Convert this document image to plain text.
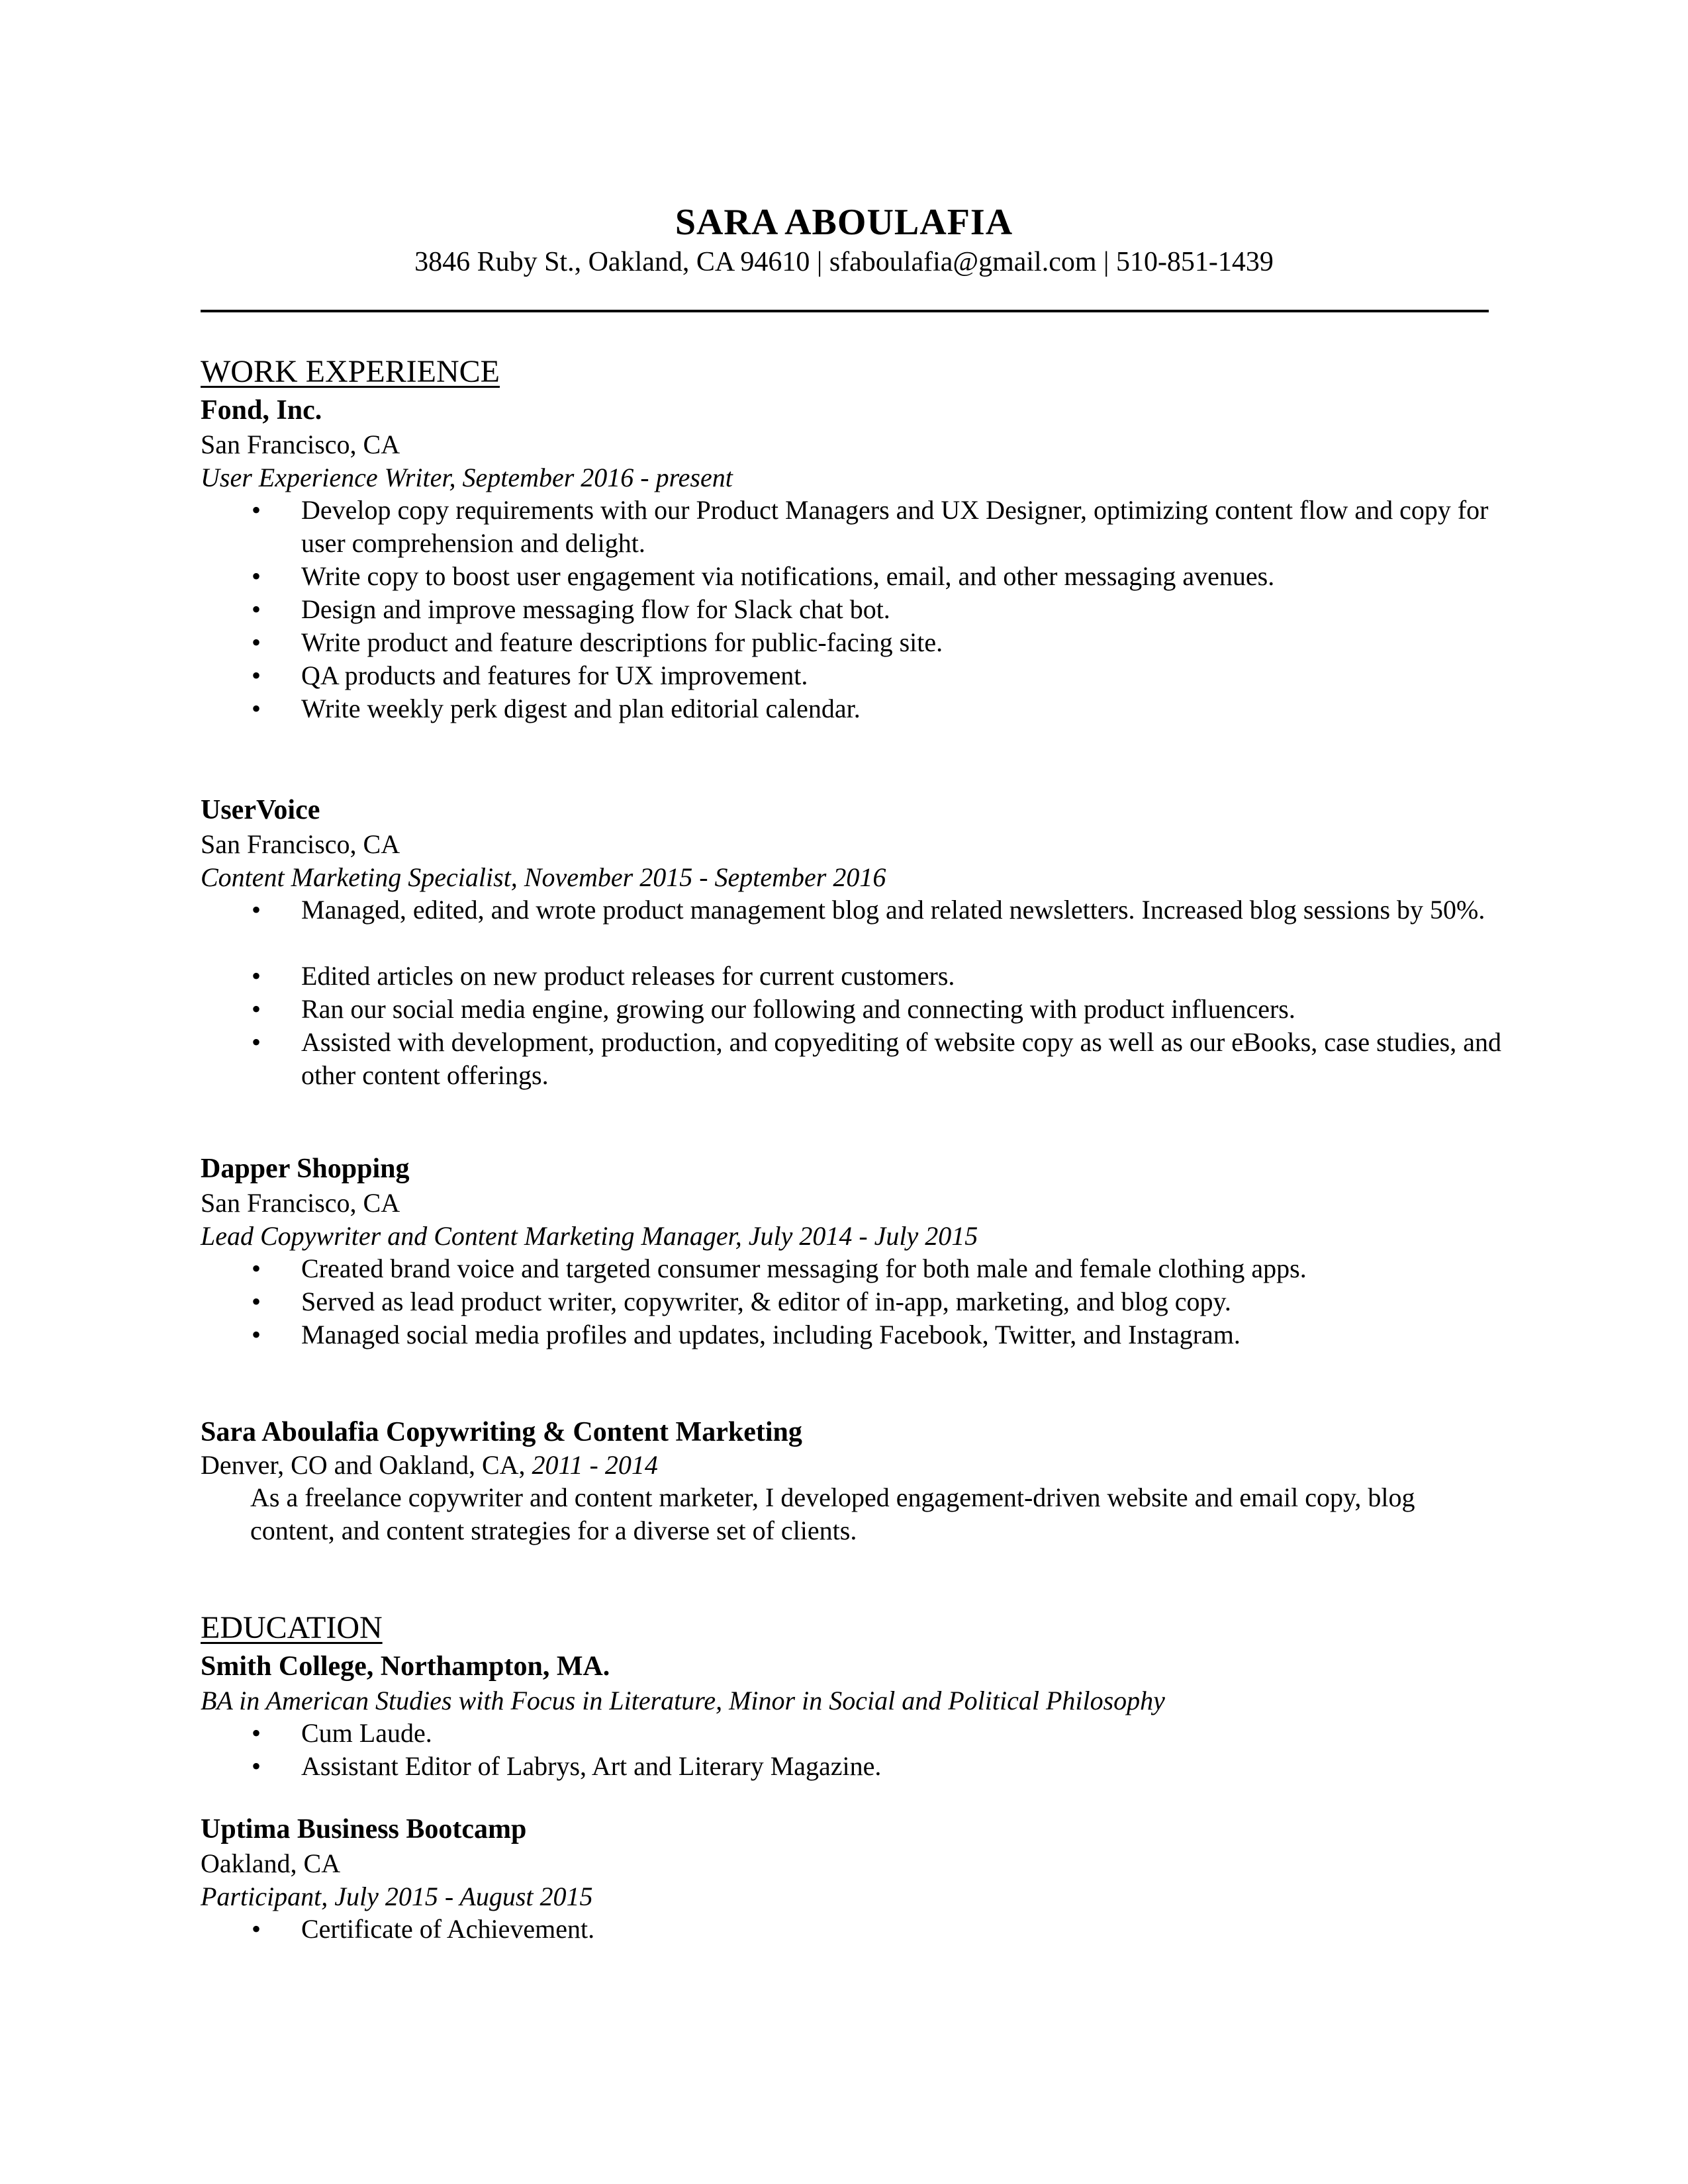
SARA ABOULAFIA
3846 Ruby St., Oakland, CA 94610 | sfaboulafia@gmail.com | 510-851-1439
WORK EXPERIENCE
Fond, Inc.
San Francisco, CA
User Experience Writer, September 2016 - present
• Develop copy requirements with our Product Managers and UX Designer, optimizing content flow and copy for user comprehension and delight.
• Write copy to boost user engagement via notifications, email, and other messaging avenues.
• Design and improve messaging flow for Slack chat bot.
• Write product and feature descriptions for public-facing site.
• QA products and features for UX improvement.
• Write weekly perk digest and plan editorial calendar.
UserVoice
San Francisco, CA
Content Marketing Specialist, November 2015 - September 2016
• Managed, edited, and wrote product management blog and related newsletters. Increased blog sessions by 50%.
• Edited articles on new product releases for current customers.
• Ran our social media engine, growing our following and connecting with product influencers.
• Assisted with development, production, and copyediting of website copy as well as our eBooks, case studies, and other content offerings.
Dapper Shopping
San Francisco, CA
Lead Copywriter and Content Marketing Manager, July 2014 - July 2015
• Created brand voice and targeted consumer messaging for both male and female clothing apps.
• Served as lead product writer, copywriter, & editor of in-app, marketing, and blog copy.
• Managed social media profiles and updates, including Facebook, Twitter, and Instagram.
Sara Aboulafia Copywriting & Content Marketing
Denver, CO and Oakland, CA, 2011 - 2014
As a freelance copywriter and content marketer, I developed engagement-driven website and email copy, blog content, and content strategies for a diverse set of clients.
EDUCATION
Smith College, Northampton, MA.
BA in American Studies with Focus in Literature, Minor in Social and Political Philosophy
• Cum Laude.
• Assistant Editor of Labrys, Art and Literary Magazine.
Uptima Business Bootcamp
Oakland, CA
Participant, July 2015 - August 2015
• Certificate of Achievement.
